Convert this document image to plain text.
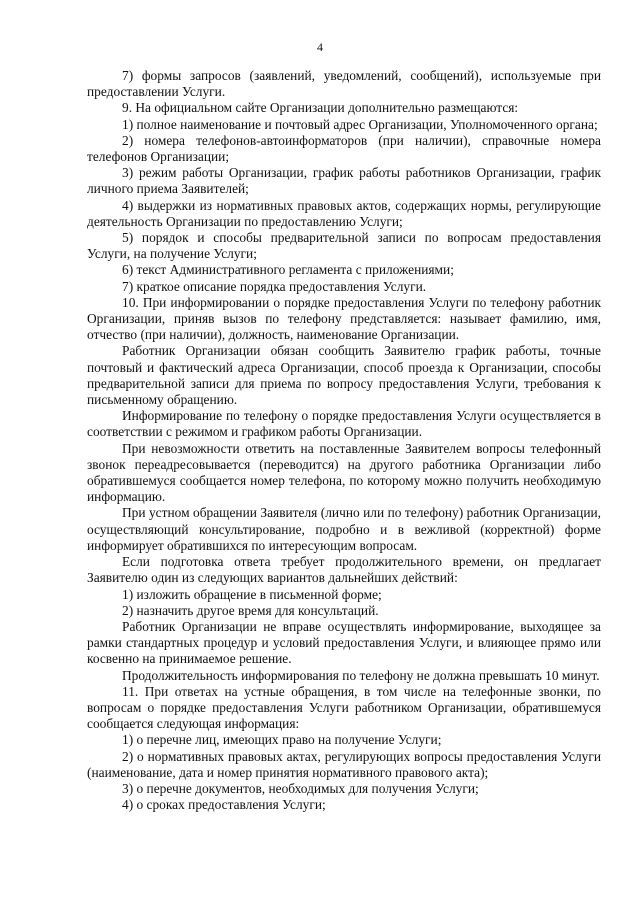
4

7) формы запросов (заявлений, уведомлений, сообщений), используемые при предоставлении Услуги.

9. На официальном сайте Организации дополнительно размещаются:

1) полное наименование и почтовый адрес Организации, Уполномоченного органа;

2) номера телефонов-автоинформаторов (при наличии), справочные номера телефонов Организации;

3) режим работы Организации, график работы работников Организации, график личного приема Заявителей;

4) выдержки из нормативных правовых актов, содержащих нормы, регулирующие деятельность Организации по предоставлению Услуги;

5) порядок и способы предварительной записи по вопросам предоставления Услуги, на получение Услуги;

6) текст Административного регламента с приложениями;

7) краткое описание порядка предоставления Услуги.

10. При информировании о порядке предоставления Услуги по телефону работник Организации, приняв вызов по телефону представляется: называет фамилию, имя, отчество (при наличии), должность, наименование Организации.

Работник Организации обязан сообщить Заявителю график работы, точные почтовый и фактический адреса Организации, способ проезда к Организации, способы предварительной записи для приема по вопросу предоставления Услуги, требования к письменному обращению.

Информирование по телефону о порядке предоставления Услуги осуществляется в соответствии с режимом и графиком работы Организации.

При невозможности ответить на поставленные Заявителем вопросы телефонный звонок переадресовывается (переводится) на другого работника Организации либо обратившемуся сообщается номер телефона, по которому можно получить необходимую информацию.

При устном обращении Заявителя (лично или по телефону) работник Организации, осуществляющий консультирование, подробно и в вежливой (корректной) форме информирует обратившихся по интересующим вопросам.

Если подготовка ответа требует продолжительного времени, он предлагает Заявителю один из следующих вариантов дальнейших действий:

1) изложить обращение в письменной форме;

2) назначить другое время для консультаций.

Работник Организации не вправе осуществлять информирование, выходящее за рамки стандартных процедур и условий предоставления Услуги, и влияющее прямо или косвенно на принимаемое решение.

Продолжительность информирования по телефону не должна превышать 10 минут.

11. При ответах на устные обращения, в том числе на телефонные звонки, по вопросам о порядке предоставления Услуги работником Организации, обратившемуся сообщается следующая информация:

1) о перечне лиц, имеющих право на получение Услуги;

2) о нормативных правовых актах, регулирующих вопросы предоставления Услуги (наименование, дата и номер принятия нормативного правового акта);

3) о перечне документов, необходимых для получения Услуги;

4) о сроках предоставления Услуги;
